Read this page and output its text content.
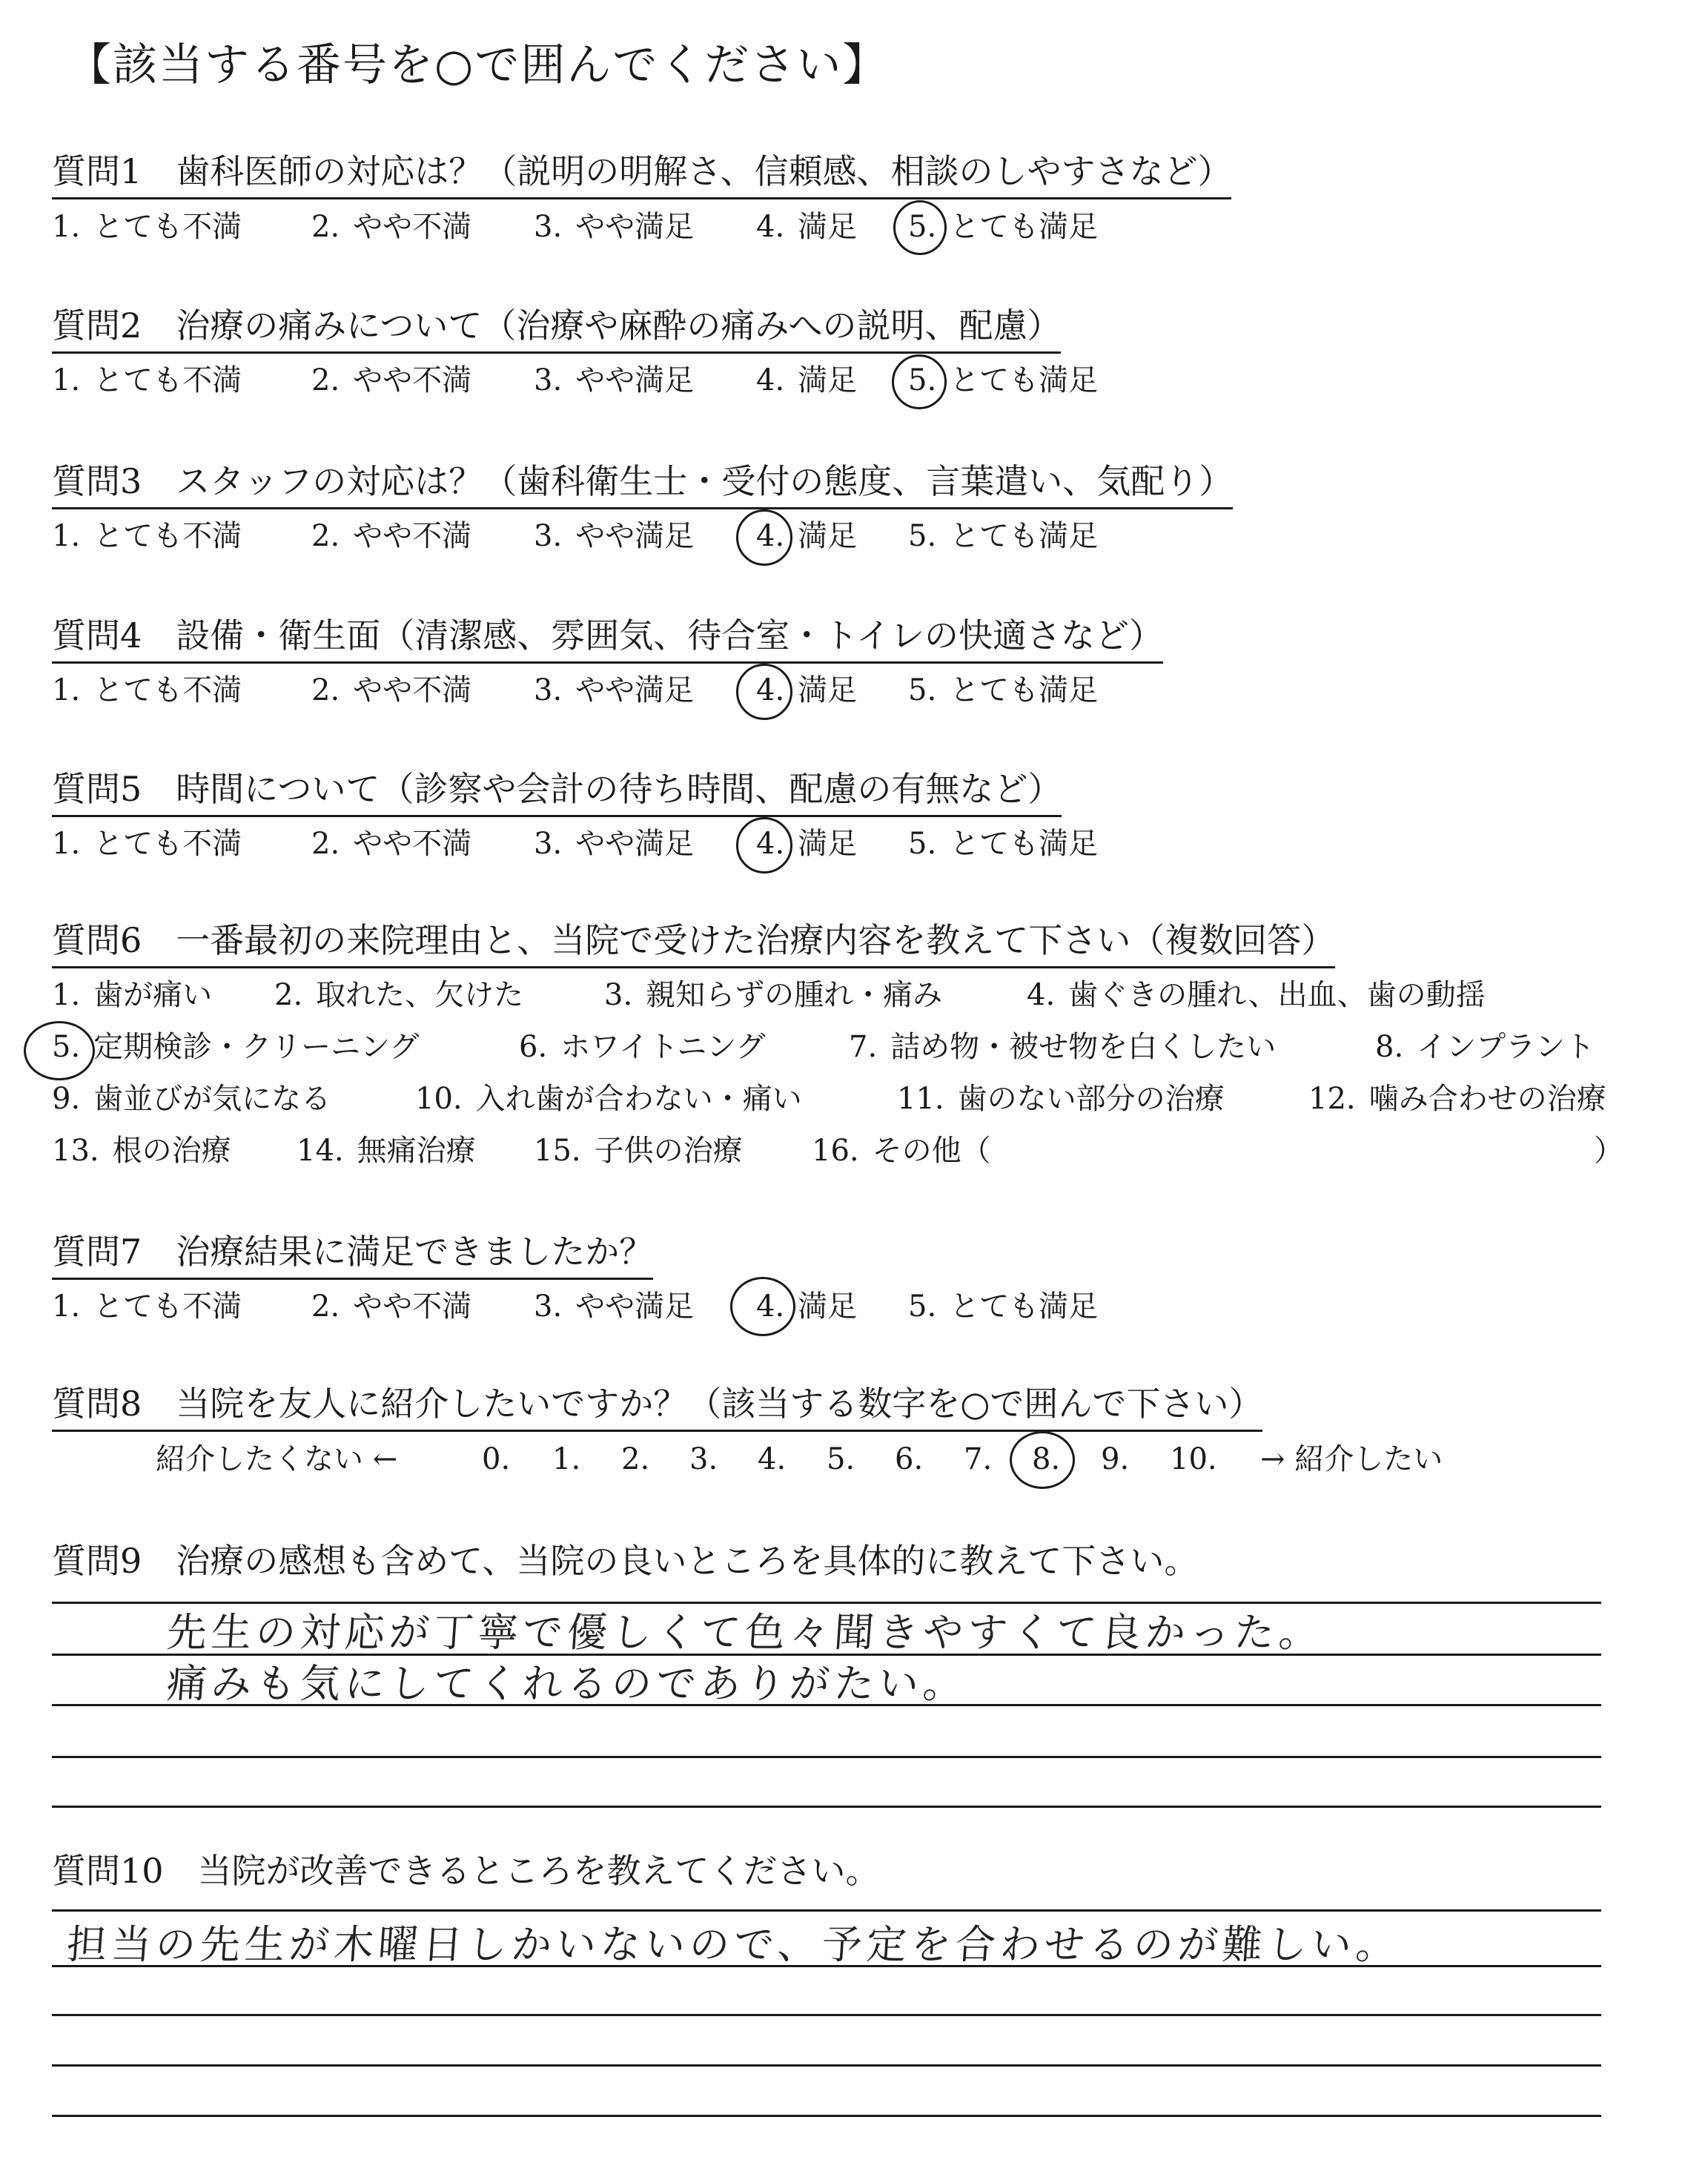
【該当する番号を○で囲んでください】
質問1 歯科医師の対応は？（説明の明解さ、信頼感、相談のしやすさなど）
1. とても不満 2. やや不満 3. やや満足 4. 満足 5. とても満足
質問2 治療の痛みについて（治療や麻酔の痛みへの説明、配慮）
1. とても不満 2. やや不満 3. やや満足 4. 満足 5. とても満足
質問3 スタッフの対応は？（歯科衛生士・受付の態度、言葉遣い、気配り）
1. とても不満 2. やや不満 3. やや満足 4. 満足 5. とても満足
質問4 設備・衛生面（清潔感、雰囲気、待合室・トイレの快適さなど）
1. とても不満 2. やや不満 3. やや満足 4. 満足 5. とても満足
質問5 時間について（診察や会計の待ち時間、配慮の有無など）
1. とても不満 2. やや不満 3. やや満足 4. 満足 5. とても満足
質問6 一番最初の来院理由と、当院で受けた治療内容を教えて下さい（複数回答）
1. 歯が痛い 2. 取れた、欠けた	3. 親知らずの腫れ・痛み	4. 歯ぐきの腫れ、出血、歯の動揺
5. 定期検診・クリーニング	6. ホワイトニング	7. 詰め物・被せ物を白くしたい	8. インプラント
9. 歯並びが気になる	10. 入れ歯が合わない・痛い	11. 歯のない部分の治療	12. 噛み合わせの治療
13. 根の治療 14. 無痛治療 15. 子供の治療 16. その他（	）
質問7 治療結果に満足できましたか？
1. とても不満 2. やや不満 3. やや満足 4. 満足 5. とても満足
質問8 当院を友人に紹介したいですか？（該当する数字を○で囲んで下さい）
紹介したくない ←	0. 1. 2. 3. 4. 5. 6. 7. 8. 9. 10. → 紹介したい
質問9 治療の感想も含めて、当院の良いところを具体的に教えて下さい。
先生の対応が丁寧で優しくて色々聞きやすくて良かった。
痛みも気にしてくれるのでありがたい。
質問10 当院が改善できるところを教えてください。
担当の先生が木曜日しかいないので、予定を合わせるのが難しい。
